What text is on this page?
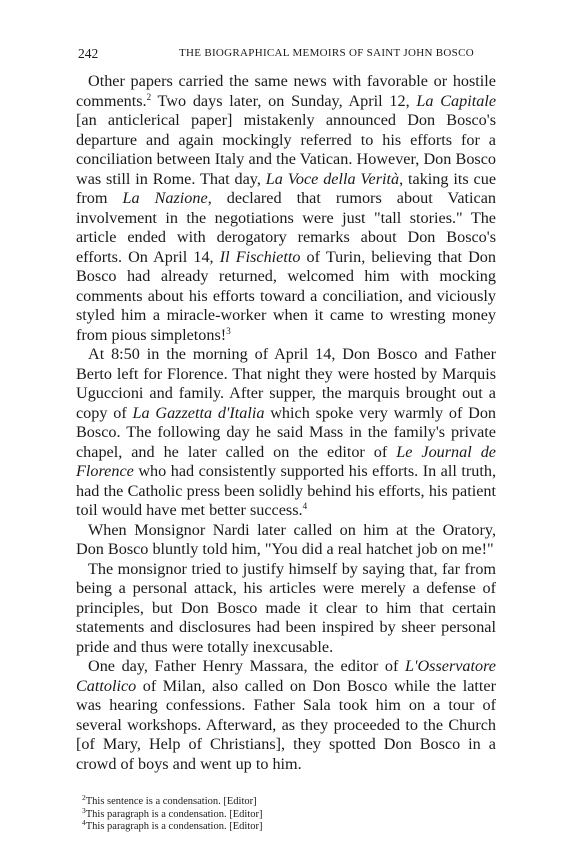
242	THE BIOGRAPHICAL MEMOIRS OF SAINT JOHN BOSCO

Other papers carried the same news with favorable or hostile comments.$^2$ Two days later, on Sunday, April 12, La Capitale [an anticlerical paper] mistakenly announced Don Bosco's departure and again mockingly referred to his efforts for a conciliation between Italy and the Vatican. However, Don Bosco was still in Rome. That day, La Voce della Verità, taking its cue from La Nazione, declared that rumors about Vatican involvement in the negotiations were just "tall stories." The article ended with derogatory remarks about Don Bosco's efforts. On April 14, Il Fischietto of Turin, believing that Don Bosco had already returned, welcomed him with mocking comments about his efforts toward a conciliation, and viciously styled him a miracle-worker when it came to wresting money from pious simpletons!$^3$

At 8:50 in the morning of April 14, Don Bosco and Father Berto left for Florence. That night they were hosted by Marquis Uguccioni and family. After supper, the marquis brought out a copy of La Gazzetta d'Italia which spoke very warmly of Don Bosco. The following day he said Mass in the family's private chapel, and he later called on the editor of Le Journal de Florence who had consistently supported his efforts. In all truth, had the Catholic press been solidly behind his efforts, his patient toil would have met better success.$^4$

When Monsignor Nardi later called on him at the Oratory, Don Bosco bluntly told him, "You did a real hatchet job on me!"

The monsignor tried to justify himself by saying that, far from being a personal attack, his articles were merely a defense of principles, but Don Bosco made it clear to him that certain statements and disclosures had been inspired by sheer personal pride and thus were totally inexcusable.

One day, Father Henry Massara, the editor of L'Osservatore Cattolico of Milan, also called on Don Bosco while the latter was hearing confessions. Father Sala took him on a tour of several workshops. Afterward, as they proceeded to the Church [of Mary, Help of Christians], they spotted Don Bosco in a crowd of boys and went up to him.

$^2$This sentence is a condensation. [Editor]
$^3$This paragraph is a condensation. [Editor]
$^4$This paragraph is a condensation. [Editor]
